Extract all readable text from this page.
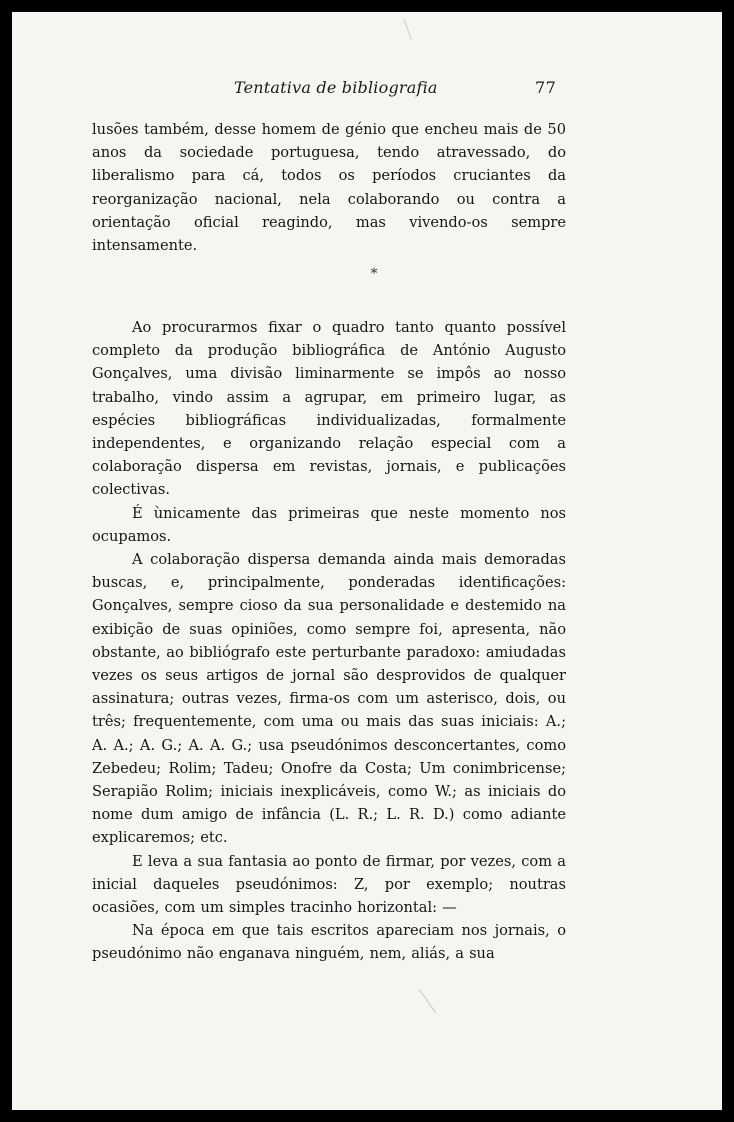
Tentativa de bibliografia	77

lusões também, desse homem de génio que encheu mais de 50 anos da sociedade portuguesa, tendo atravessado, do liberalismo para cá, todos os períodos cruciantes da reorganização nacional, nela colaborando ou contra a orientação oficial reagindo, mas vivendo-os sempre intensamente.

*

Ao procurarmos fixar o quadro tanto quanto possível completo da produção bibliográfica de António Augusto Gonçalves, uma divisão liminarmente se impôs ao nosso trabalho, vindo assim a agrupar, em primeiro lugar, as espécies bibliográficas individualizadas, formalmente independentes, e organizando relação especial com a colaboração dispersa em revistas, jornais, e publicações colectivas.

É ùnicamente das primeiras que neste momento nos ocupamos.

A colaboração dispersa demanda ainda mais demoradas buscas, e, principalmente, ponderadas identificações: Gonçalves, sempre cioso da sua personalidade e destemido na exibição de suas opiniões, como sempre foi, apresenta, não obstante, ao bibliógrafo este perturbante paradoxo: amiudadas vezes os seus artigos de jornal são desprovidos de qualquer assinatura; outras vezes, firma-os com um asterisco, dois, ou três; frequentemente, com uma ou mais das suas iniciais: A.; A. A.; A. G.; A. A. G.; usa pseudónimos desconcertantes, como Zebedeu; Rolim; Tadeu; Onofre da Costa; Um conimbricense; Serapião Rolim; iniciais inexplicáveis, como W.; as iniciais do nome dum amigo de infância (L. R.; L. R. D.) como adiante explicaremos; etc.

E leva a sua fantasia ao ponto de firmar, por vezes, com a inicial daqueles pseudónimos: Z, por exemplo; noutras ocasiões, com um simples tracinho horizontal: —

Na época em que tais escritos apareciam nos jornais, o pseudónimo não enganava ninguém, nem, aliás, a sua
